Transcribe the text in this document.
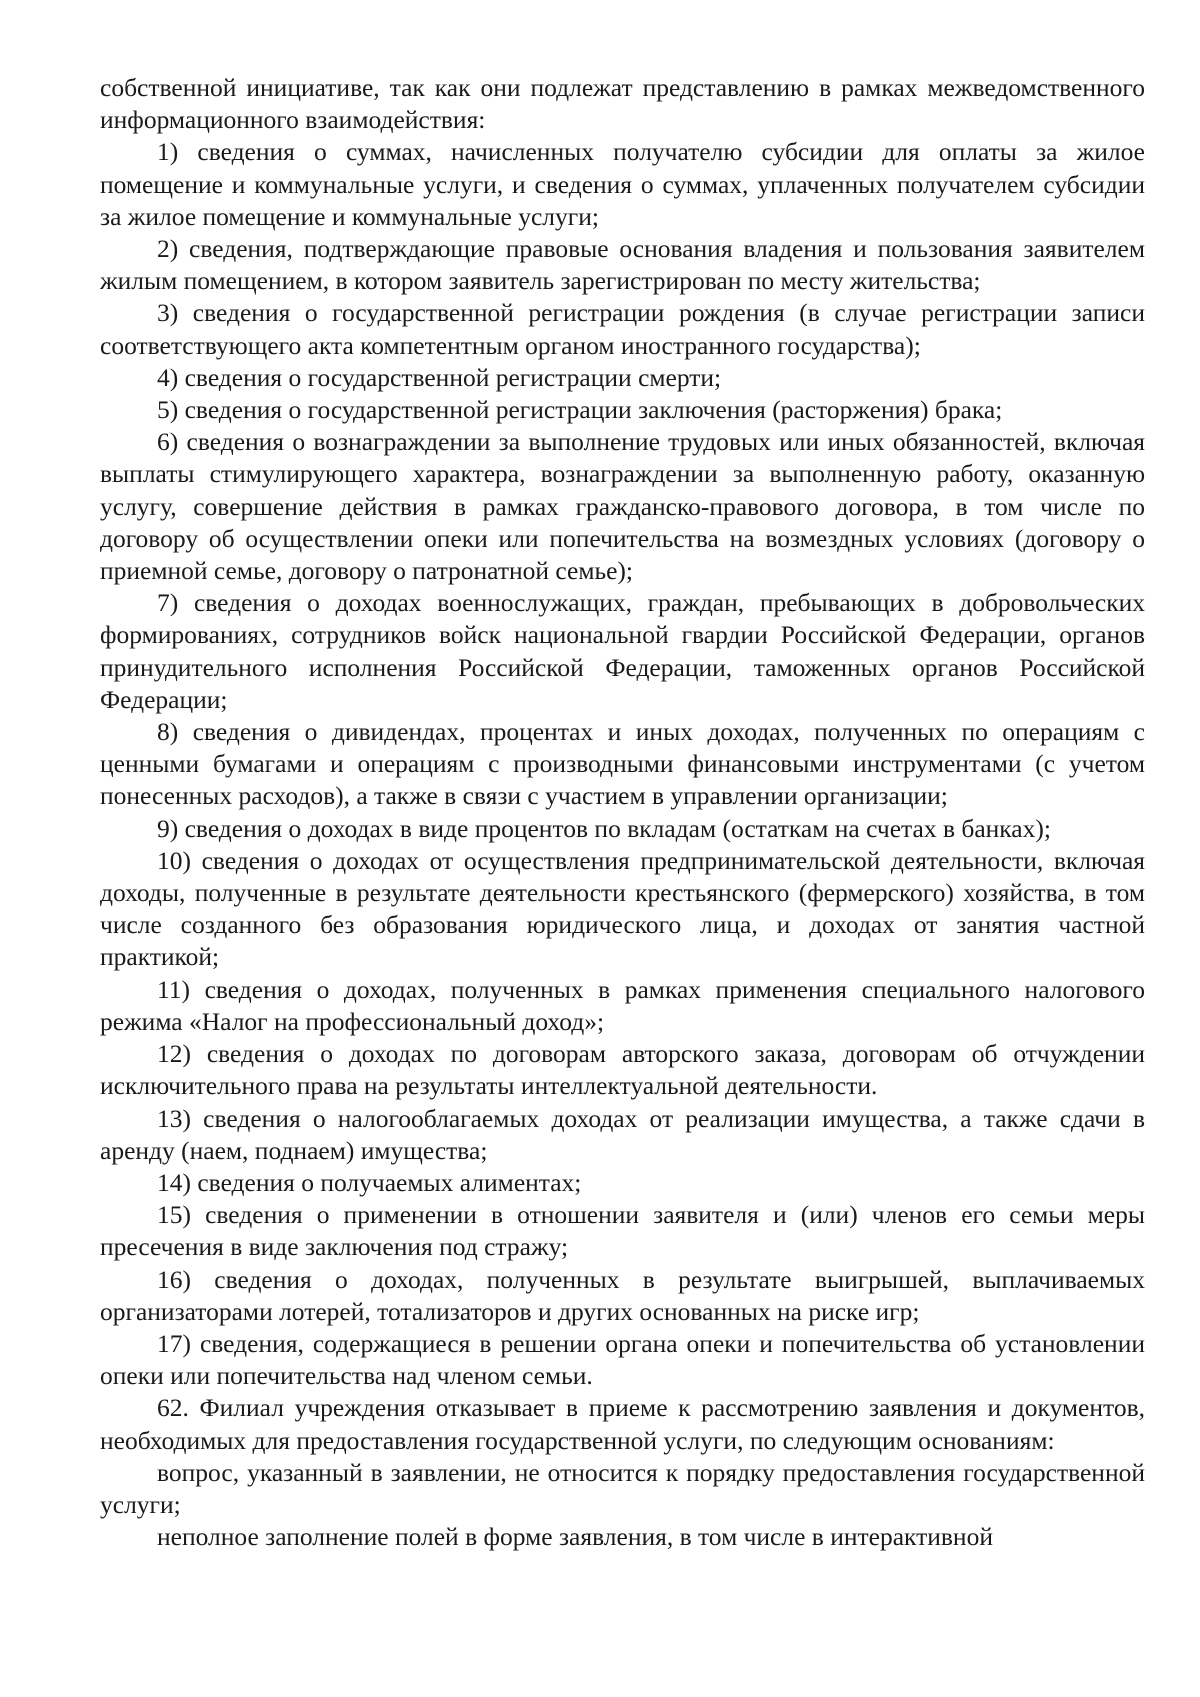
собственной инициативе, так как они подлежат представлению в рамках межведомственного информационного взаимодействия:

1) сведения о суммах, начисленных получателю субсидии для оплаты за жилое помещение и коммунальные услуги, и сведения о суммах, уплаченных получателем субсидии за жилое помещение и коммунальные услуги;

2) сведения, подтверждающие правовые основания владения и пользования заявителем жилым помещением, в котором заявитель зарегистрирован по месту жительства;

3) сведения о государственной регистрации рождения (в случае регистрации записи соответствующего акта компетентным органом иностранного государства);

4) сведения о государственной регистрации смерти;

5) сведения о государственной регистрации заключения (расторжения) брака;

6) сведения о вознаграждении за выполнение трудовых или иных обязанностей, включая выплаты стимулирующего характера, вознаграждении за выполненную работу, оказанную услугу, совершение действия в рамках гражданско-правового договора, в том числе по договору об осуществлении опеки или попечительства на возмездных условиях (договору о приемной семье, договору о патронатной семье);

7) сведения о доходах военнослужащих, граждан, пребывающих в добровольческих формированиях, сотрудников войск национальной гвардии Российской Федерации, органов принудительного исполнения Российской Федерации, таможенных органов Российской Федерации;

8) сведения о дивидендах, процентах и иных доходах, полученных по операциям с ценными бумагами и операциям с производными финансовыми инструментами (с учетом понесенных расходов), а также в связи с участием в управлении организации;

9) сведения о доходах в виде процентов по вкладам (остаткам на счетах в банках);

10) сведения о доходах от осуществления предпринимательской деятельности, включая доходы, полученные в результате деятельности крестьянского (фермерского) хозяйства, в том числе созданного без образования юридического лица, и доходах от занятия частной практикой;

11) сведения о доходах, полученных в рамках применения специального налогового режима «Налог на профессиональный доход»;

12) сведения о доходах по договорам авторского заказа, договорам об отчуждении исключительного права на результаты интеллектуальной деятельности.

13) сведения о налогооблагаемых доходах от реализации имущества, а также сдачи в аренду (наем, поднаем) имущества;

14) сведения о получаемых алиментах;

15) сведения о применении в отношении заявителя и (или) членов его семьи меры пресечения в виде заключения под стражу;

16) сведения о доходах, полученных в результате выигрышей, выплачиваемых организаторами лотерей, тотализаторов и других основанных на риске игр;

17) сведения, содержащиеся в решении органа опеки и попечительства об установлении опеки или попечительства над членом семьи.

62. Филиал учреждения отказывает в приеме к рассмотрению заявления и документов, необходимых для предоставления государственной услуги, по следующим основаниям:

вопрос, указанный в заявлении, не относится к порядку предоставления государственной услуги;

неполное заполнение полей в форме заявления, в том числе в интерактивной
